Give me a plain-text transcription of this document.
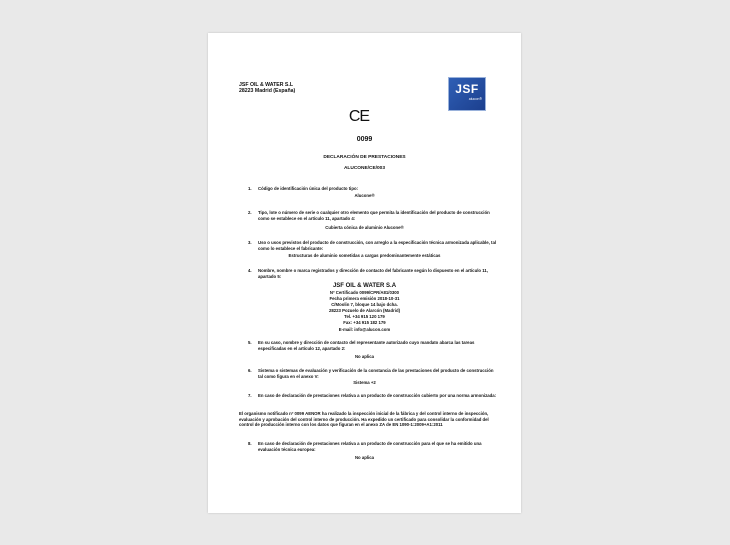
JSF OIL & WATER S.L
28223 Madrid (España)	JSF
alucon®
CE
0099
DECLARACIÓN DE PRESTACIONES
ALUCONE/CE/003
1. Código de identificación única del producto tipo:
Alucone®
2. Tipo, lote o número de serie o cualquier otro elemento que permita la identificación del producto de construcción como se establece en el artículo 11, apartado 4:
Cubierta cónica de aluminio Alucone®
3. Uso o usos previstos del producto de construcción, con arreglo a la especificación técnica armonizada aplicable, tal como lo establece el fabricante:
Estructuras de aluminio sometidas a cargas predominantemente estáticas
4. Nombre, nombre o marca registrados y dirección de contacto del fabricante según lo dispuesto en el artículo 11, apartado 5:
JSF OIL & WATER S.A
Nº Certificado 0099/CPR/A81/0300
Fecha primera emisión 2018-10-31
C/Moolin 7, bloque 14 bajo dcha.
28223 Pozuelo de Alarcón (Madrid)
Tel. +34 915 120 179
Fax: +34 915 182 179
E-mail: info@alucon.com
5. En su caso, nombre y dirección de contacto del representante autorizado cuyo mandato abarca las tareas especificadas en el artículo 12, apartado 2:
No aplica
6. Sistema o sistemas de evaluación y verificación de la constancia de las prestaciones del producto de construcción tal como figura en el anexo V:
Sistema +2
7. En caso de declaración de prestaciones relativa a un producto de construcción cubierto por una norma armonizada:
El organismo notificado nº 0099 AENOR ha realizado la inspección inicial de la fábrica y del control interno de inspección, evaluación y aprobación del control interno de producción. Ha expedido un certificado para consolidar la conformidad del control de producción interno con los datos que figuran en el anexo ZA de EN 1090-1:2009+A1:2011
8. En caso de declaración de prestaciones relativa a un producto de construcción para el que se ha emitido una evaluación técnica europea:
No aplica
